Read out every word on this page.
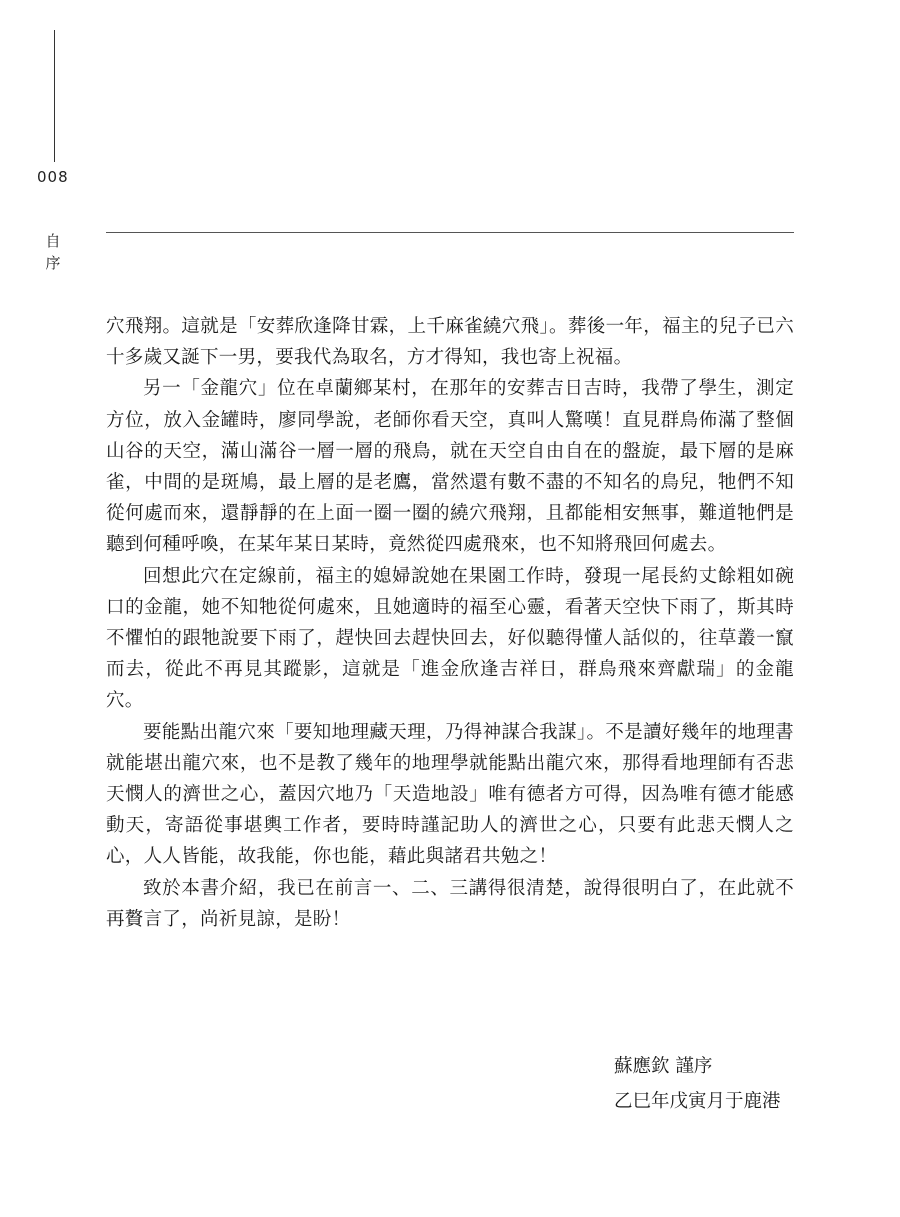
008
自
序

穴飛翔。這就是「安葬欣逢降甘霖，上千麻雀繞穴飛」。葬後一年，福主的兒子已六十多歲又誕下一男，要我代為取名，方才得知，我也寄上祝福。

另一「金龍穴」位在卓蘭鄉某村，在那年的安葬吉日吉時，我帶了學生，測定方位，放入金罐時，廖同學說，老師你看天空，真叫人驚嘆！直見群鳥佈滿了整個山谷的天空，滿山滿谷一層一層的飛鳥，就在天空自由自在的盤旋，最下層的是麻雀，中間的是斑鳩，最上層的是老鷹，當然還有數不盡的不知名的鳥兒，牠們不知從何處而來，還靜靜的在上面一圈一圈的繞穴飛翔，且都能相安無事，難道牠們是聽到何種呼喚，在某年某日某時，竟然從四處飛來，也不知將飛回何處去。

回想此穴在定線前，福主的媳婦說她在果園工作時，發現一尾長約丈餘粗如碗口的金龍，她不知牠從何處來，且她適時的福至心靈，看著天空快下雨了，斯其時不懼怕的跟牠說要下雨了，趕快回去趕快回去，好似聽得懂人話似的，往草叢一竄而去，從此不再見其蹤影，這就是「進金欣逢吉祥日，群鳥飛來齊獻瑞」的金龍穴。

要能點出龍穴來「要知地理藏天理，乃得神謀合我謀」。不是讀好幾年的地理書就能堪出龍穴來，也不是教了幾年的地理學就能點出龍穴來，那得看地理師有否悲天憫人的濟世之心，蓋因穴地乃「天造地設」唯有德者方可得，因為唯有德才能感動天，寄語從事堪輿工作者，要時時謹記助人的濟世之心，只要有此悲天憫人之心，人人皆能，故我能，你也能，藉此與諸君共勉之！

致於本書介紹，我已在前言一、二、三講得很清楚，說得很明白了，在此就不再贅言了，尚祈見諒，是盼！

蘇應欽 謹序
乙巳年戊寅月于鹿港
